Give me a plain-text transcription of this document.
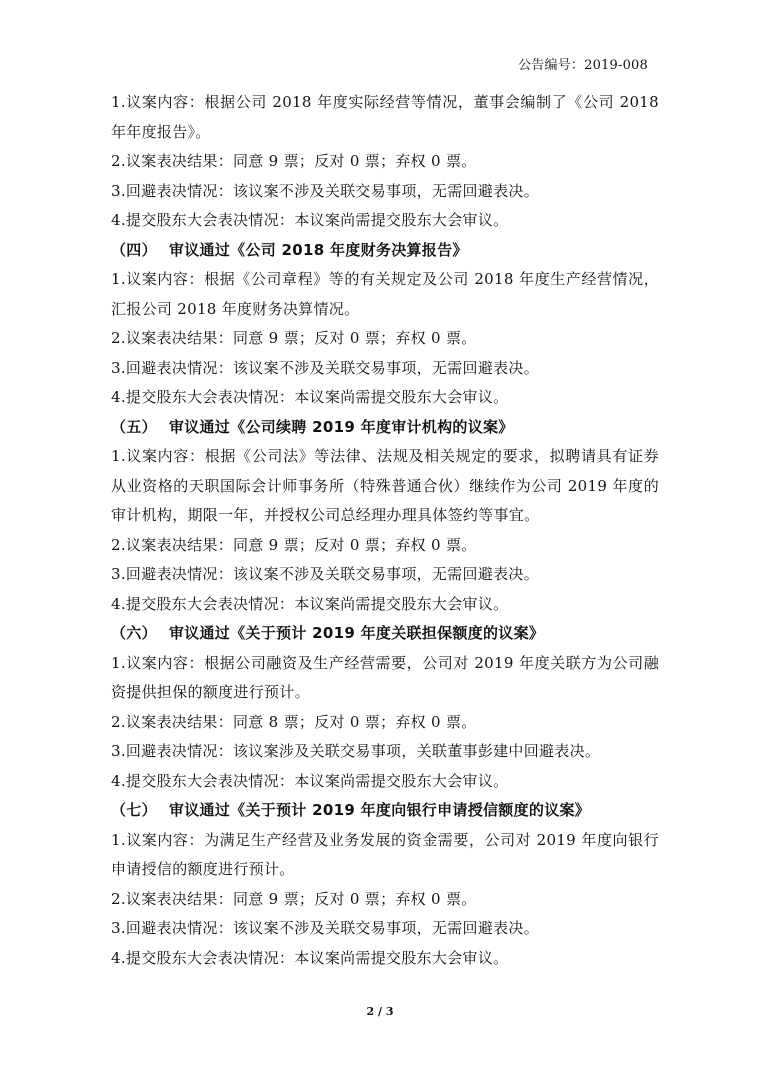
公告编号：2019-008

1.议案内容：根据公司 2018 年度实际经营等情况，董事会编制了《公司 2018 年年度报告》。

2.议案表决结果：同意 9 票；反对 0 票；弃权 0 票。

3.回避表决情况：该议案不涉及关联交易事项，无需回避表决。

4.提交股东大会表决情况：本议案尚需提交股东大会审议。

（四） 审议通过《公司 2018 年度财务决算报告》

1.议案内容：根据《公司章程》等的有关规定及公司 2018 年度生产经营情况，汇报公司 2018 年度财务决算情况。

2.议案表决结果：同意 9 票；反对 0 票；弃权 0 票。

3.回避表决情况：该议案不涉及关联交易事项，无需回避表决。

4.提交股东大会表决情况：本议案尚需提交股东大会审议。

（五） 审议通过《公司续聘 2019 年度审计机构的议案》

1.议案内容：根据《公司法》等法律、法规及相关规定的要求，拟聘请具有证券从业资格的天职国际会计师事务所（特殊普通合伙）继续作为公司 2019 年度的审计机构，期限一年，并授权公司总经理办理具体签约等事宜。

2.议案表决结果：同意 9 票；反对 0 票；弃权 0 票。

3.回避表决情况：该议案不涉及关联交易事项，无需回避表决。

4.提交股东大会表决情况：本议案尚需提交股东大会审议。

（六） 审议通过《关于预计 2019 年度关联担保额度的议案》

1.议案内容：根据公司融资及生产经营需要，公司对 2019 年度关联方为公司融资提供担保的额度进行预计。

2.议案表决结果：同意 8 票；反对 0 票；弃权 0 票。

3.回避表决情况：该议案涉及关联交易事项，关联董事彭建中回避表决。

4.提交股东大会表决情况：本议案尚需提交股东大会审议。

（七） 审议通过《关于预计 2019 年度向银行申请授信额度的议案》

1.议案内容：为满足生产经营及业务发展的资金需要，公司对 2019 年度向银行申请授信的额度进行预计。

2.议案表决结果：同意 9 票；反对 0 票；弃权 0 票。

3.回避表决情况：该议案不涉及关联交易事项，无需回避表决。

4.提交股东大会表决情况：本议案尚需提交股东大会审议。

2 / 3
